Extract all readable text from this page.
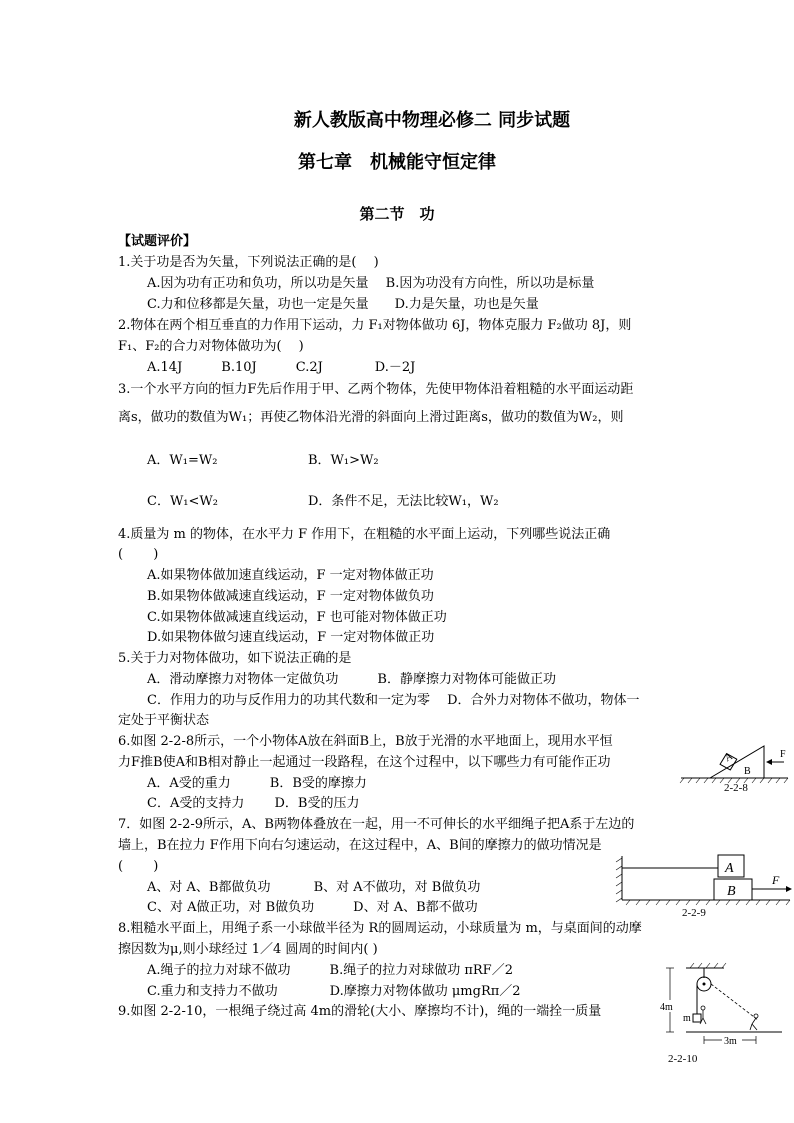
新人教版高中物理必修二 同步试题
第七章　机械能守恒定律
第二节　功
【试题评价】
1.关于功是否为矢量，下列说法正确的是(　 )
A.因为功有正功和负功，所以功是矢量　 B.因为功没有方向性，所以功是标量
C.力和位移都是矢量，功也一定是矢量　　D.力是矢量，功也是矢量
2.物体在两个相互垂直的力作用下运动，力 F₁对物体做功 6J，物体克服力 F₂做功 8J，则
F₁、F₂的合力对物体做功为(　 )
A.14J　　　B.10J　　　C.2J　　　　D.－2J
3.一个水平方向的恒力F先后作用于甲、乙两个物体，先使甲物体沿着粗糙的水平面运动距
离s，做功的数值为W₁；再使乙物体沿光滑的斜面向上滑过距离s，做功的数值为W₂，则
A．W₁=W₂	B．W₁>W₂
C．W₁<W₂	D．条件不足，无法比较W₁，W₂
4.质量为 m 的物体，在水平力 F 作用下，在粗糙的水平面上运动，下列哪些说法正确
(　　 )
A.如果物体做加速直线运动，F 一定对物体做正功
B.如果物体做减速直线运动，F 一定对物体做负功
C.如果物体做减速直线运动，F 也可能对物体做正功
D.如果物体做匀速直线运动，F 一定对物体做正功
5.关于力对物体做功，如下说法正确的是
A．滑动摩擦力对物体一定做负功　　　B．静摩擦力对物体可能做正功
C．作用力的功与反作用力的功其代数和一定为零　 D．合外力对物体不做功，物体一
定处于平衡状态
6.如图 2-2-8所示，一个小物体A放在斜面B上，B放于光滑的水平地面上，现用水平恒
力F推B使A和B相对静止一起通过一段路程，在这个过程中，以下哪些力有可能作正功
A．A受的重力　　　B．B受的摩擦力
C．A受的支持力　　 D．B受的压力
7．如图 2-2-9所示，A、B两物体叠放在一起，用一不可伸长的水平细绳子把A系于左边的
墙上，B在拉力 F作用下向右匀速运动，在这过程中，A、B间的摩擦力的做功情况是
(　　 )
A、对 A、B都做负功　　　 B、对 A不做功，对 B做负功
C、对 A做正功，对 B做负功　　　D、对 A、B都不做功
8.粗糙水平面上，用绳子系一小球做半径为 R的圆周运动，小球质量为 m，与桌面间的动摩
擦因数为μ,则小球经过 1／4 圆周的时间内( )
A.绳子的拉力对球不做功　　　B.绳子的拉力对球做功 πRF／2
C.重力和支持力不做功　　　　D.摩擦力对物体做功 μmgRπ／2
9.如图 2-2-10，一根绳子绕过高 4m的滑轮(大小、摩擦均不计)，绳的一端拴一质量
A
B
F
2-2-8
A
B
F
2-2-9
4m
m
3m
2-2-10
